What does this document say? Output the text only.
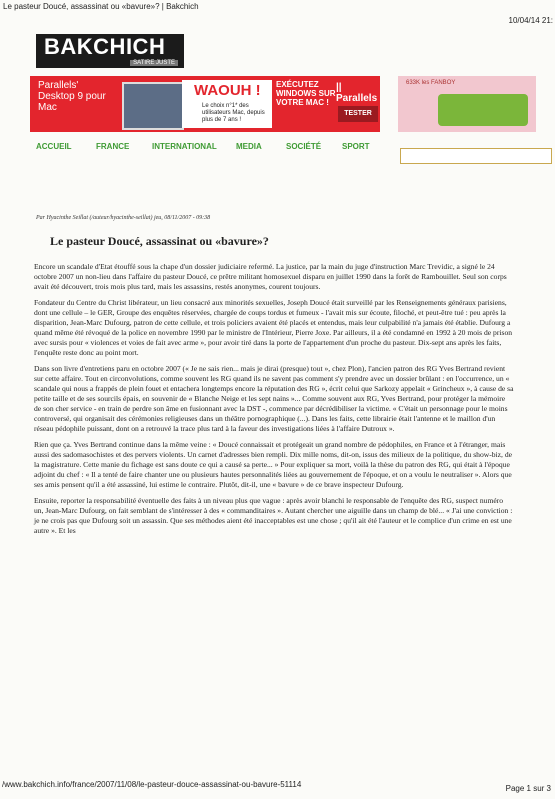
Le pasteur Doucé, assassinat ou «bavure»? | Bakchich
10/04/14 21:
BAKCHICH
SATIRE JUSTE
Parallels' Desktop 9 pour Mac
WAOUH !
Le choix n°1* des utilisateurs Mac, depuis plus de 7 ans !
EXÉCUTEZ WINDOWS SUR VOTRE MAC !
|| Parallels
TESTER
633K les FANBOY
ACCUEIL	FRANCE	INTERNATIONAL MEDIA	SOCIÉTÉ	SPORT
Par Hyacinthe Seillat (/auteur/hyacinthe-seillat) jeu, 08/11/2007 - 09:38
Le pasteur Doucé, assassinat ou «bavure»?

Encore un scandale d'Etat étouffé sous la chape d'un dossier judiciaire refermé. La justice, par la main du juge d'instruction Marc Trevidic, a signé le 24 octobre 2007 un non-lieu dans l'affaire du pasteur Doucé, ce prêtre militant homosexuel disparu en juillet 1990 dans la forêt de Rambouillet. Seul son corps avait été découvert, trois mois plus tard, mais les assassins, restés anonymes, courent toujours.

Fondateur du Centre du Christ libérateur, un lieu consacré aux minorités sexuelles, Joseph Doucé était surveillé par les Renseignements généraux parisiens, dont une cellule – le GER, Groupe des enquêtes réservées, chargée de coups tordus et fumeux - l'avait mis sur écoute, filoché, et peut-être tué : peu après la disparition, Jean-Marc Dufourg, patron de cette cellule, et trois policiers avaient été placés et entendus, mais leur culpabilité n'a jamais été établie. Dufourg a quand même été révoqué de la police en novembre 1990 par le ministre de l'Intérieur, Pierre Joxe. Par ailleurs, il a été condamné en 1992 à 20 mois de prison avec sursis pour « violences et voies de fait avec arme », pour avoir tiré dans la porte de l'appartement d'un proche du pasteur. Dix-sept ans après les faits, l'enquête reste donc au point mort.

Dans son livre d'entretiens paru en octobre 2007 (« Je ne sais rien... mais je dirai (presque) tout », chez Plon), l'ancien patron des RG Yves Bertrand revient sur cette affaire. Tout en circonvolutions, comme souvent les RG quand ils ne savent pas comment s'y prendre avec un dossier brûlant : en l'occurrence, un « scandale qui nous a frappés de plein fouet et entachera longtemps encore la réputation des RG », écrit celui que Sarkozy appelait « Grincheux », à cause de sa petite taille et de ses sourcils épais, en souvenir de « Blanche Neige et les sept nains »... Comme souvent aux RG, Yves Bertrand, pour protéger la mémoire de son cher service - en train de perdre son âme en fusionnant avec la DST -, commence par décrédibiliser la victime. « C'était un personnage pour le moins controversé, qui organisait des cérémonies religieuses dans un théâtre pornographique (...). Dans les faits, cette librairie était l'antenne et le maillon d'un réseau pédophile puissant, dont on a retrouvé la trace plus tard à la faveur des investigations liées à l'affaire Dutroux ».

Rien que ça. Yves Bertrand continue dans la même veine : « Doucé connaissait et protégeait un grand nombre de pédophiles, en France et à l'étranger, mais aussi des sadomasochistes et des pervers violents. Un carnet d'adresses bien rempli. Dix mille noms, dit-on, issus des milieux de la politique, du show-biz, de la magistrature. Cette manie du fichage est sans doute ce qui a causé sa perte... » Pour expliquer sa mort, voilà la thèse du patron des RG, qui était à l'époque adjoint du chef : « Il a tenté de faire chanter une ou plusieurs hautes personnalités liées au gouvernement de l'époque, et on a voulu le neutraliser ». Alors que ses amis pensent qu'il a été assassiné, lui estime le contraire. Plutôt, dit-il, une « bavure » de ce brave inspecteur Dufourg.

Ensuite, reporter la responsabilité éventuelle des faits à un niveau plus que vague : après avoir blanchi le responsable de l'enquête des RG, suspect numéro un, Jean-Marc Dufourg, on fait semblant de s'intéresser à des « commanditaires ». Autant chercher une aiguille dans un champ de blé... « J'ai une conviction : je ne crois pas que Dufourg soit un assassin. Que ses méthodes aient été inacceptables est une chose ; qu'il ait été l'auteur et le complice d'un crime en est une autre ». Et les

/www.bakchich.info/france/2007/11/08/le-pasteur-douce-assassinat-ou-bavure-51114	Page 1 sur 3
